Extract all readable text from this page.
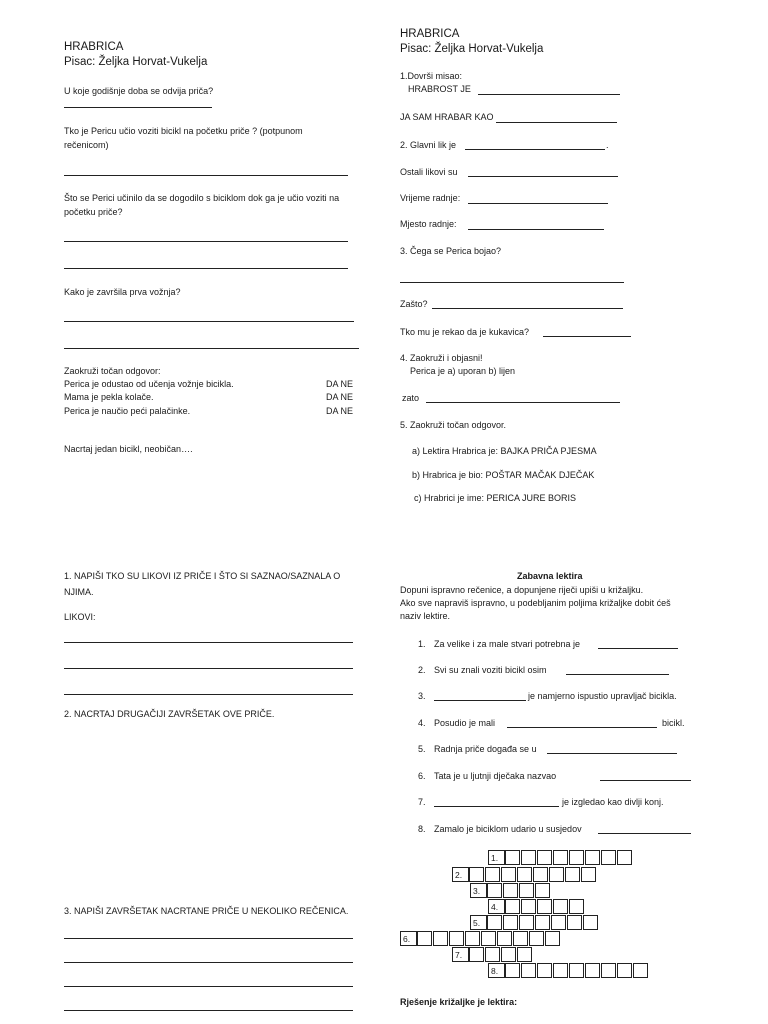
HRABRICA
Pisac: Željka Horvat-Vukelja
U koje godišnje doba se odvija priča?
Tko je Pericu učio voziti bicikl na početku priče ? (potpunom
rečenicom)
Što se Perici učinilo da se dogodilo s biciklom dok ga je učio voziti na
početku priče?
Kako je završila prva vožnja?
Zaokruži točan odgovor:
Perica je odustao od učenja vožnje bicikla.	DA NE
Mama je pekla kolače.	DA NE
Perica je naučio peći palačinke.	DA NE
Nacrtaj jedan bicikl, neobičan….
HRABRICA
Pisac: Željka Horvat-Vukelja
1.Dovrši misao:
HRABROST JE
JA SAM HRABAR KAO
2. Glavni lik je	.
Ostali likovi su
Vrijeme radnje:
Mjesto radnje:
3. Čega se Perica bojao?
Zašto?
Tko mu je rekao da je kukavica?
4. Zaokruži i objasni!
Perica je a) uporan b) lijen
zato
5. Zaokruži točan odgovor.
a) Lektira Hrabrica je: BAJKA PRIČA PJESMA
b) Hrabrica je bio: POŠTAR MAČAK DJEČAK
c) Hrabrici je ime: PERICA JURE BORIS
1. NAPIŠI TKO SU LIKOVI IZ PRIČE I ŠTO SI SAZNAO/SAZNALA O
NJIMA.
LIKOVI:
2. NACRTAJ DRUGAČIJI ZAVRŠETAK OVE PRIČE.
3. NAPIŠI ZAVRŠETAK NACRTANE PRIČE U NEKOLIKO REČENICA.
Zabavna lektira
Dopuni ispravno rečenice, a dopunjene riječi upiši u križaljku.
Ako sve napraviš ispravno, u podebljanim poljima križaljke dobit ćeš
naziv lektire.
1. Za velike i za male stvari potrebna je
2. Svi su znali voziti bicikl osim
3.	je namjerno ispustio upravljač bicikla.
4. Posudio je mali	bicikl.
5. Radnja priče događa se u
6. Tata je u ljutnji dječaka nazvao
7.	je izgledao kao divlji konj.
8. Zamalo je biciklom udario u susjedov
1.
2.
3.
4.
5.
6.
7.
8.
Rješenje križaljke je lektira:
